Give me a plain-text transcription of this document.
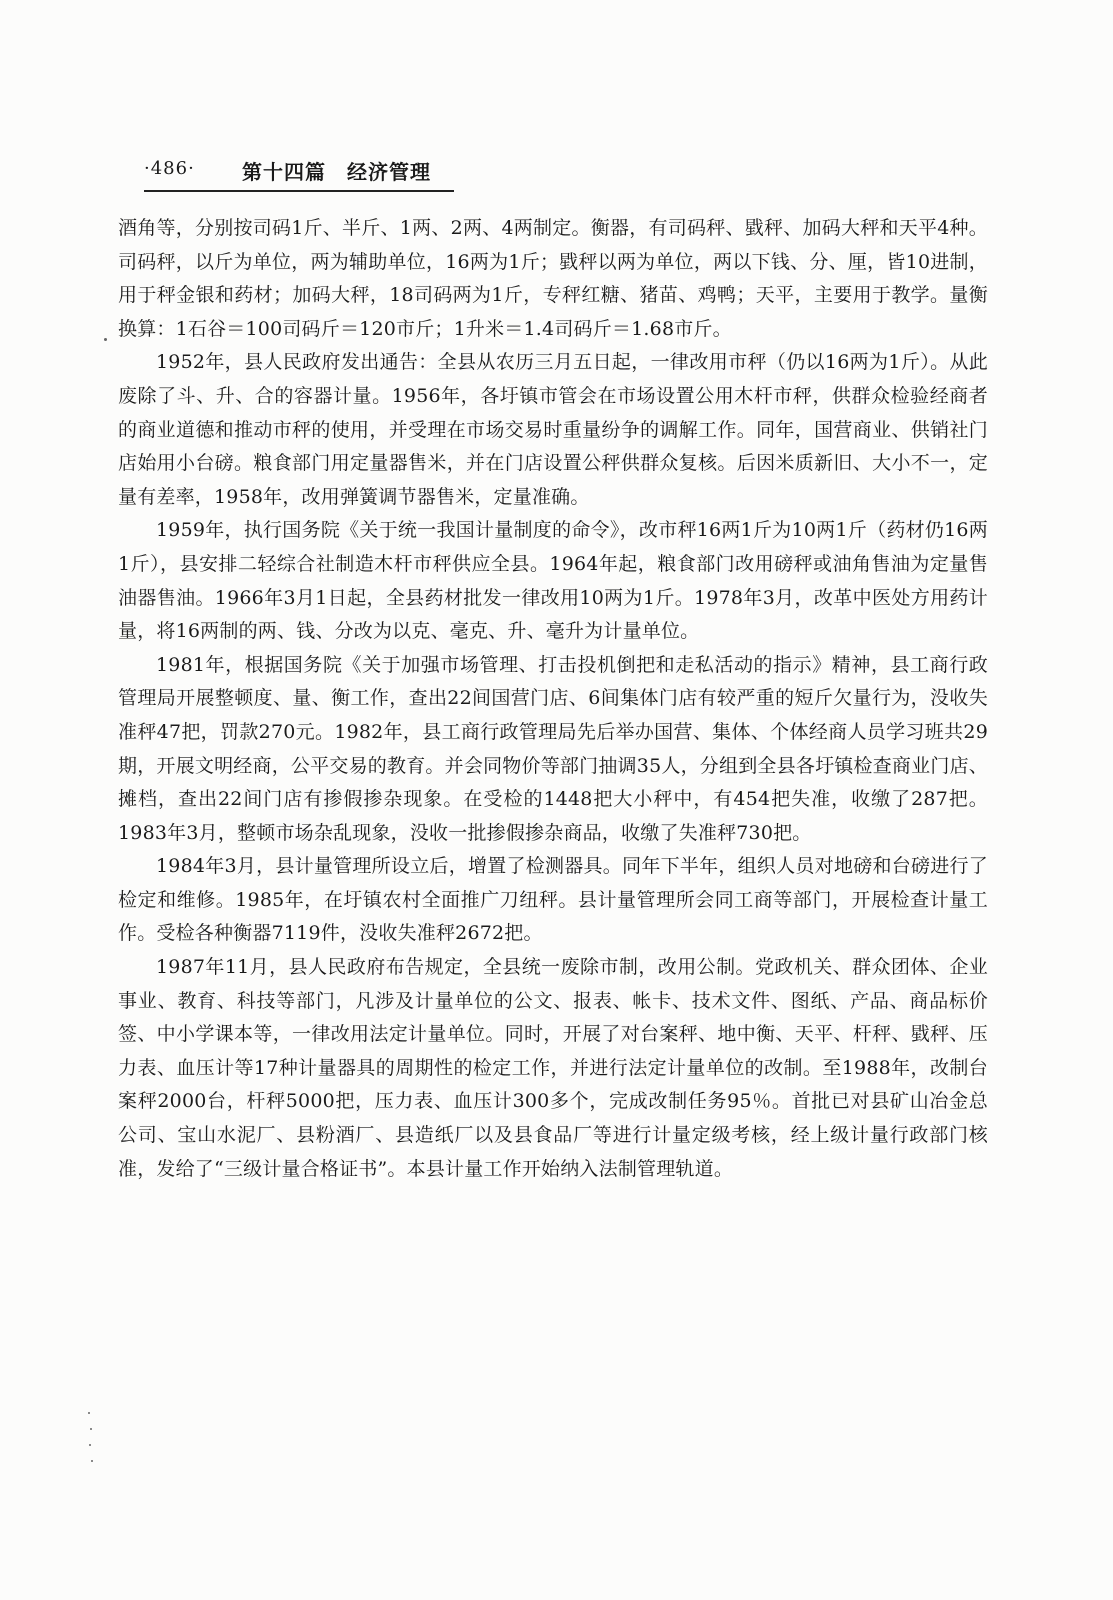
·486· 第十四篇　经济管理

酒角等，分别按司码1斤、半斤、1两、2两、4两制定。衡器，有司码秤、戥秤、加码大秤和天平4种。司码秤，以斤为单位，两为辅助单位，16两为1斤；戥秤以两为单位，两以下钱、分、厘，皆10进制，用于秤金银和药材；加码大秤，18司码两为1斤，专秤红糖、猪苗、鸡鸭；天平，主要用于教学。量衡换算：1石谷＝100司码斤＝120市斤；1升米＝1.4司码斤＝1.68市斤。

1952年，县人民政府发出通告：全县从农历三月五日起，一律改用市秤（仍以16两为1斤）。从此废除了斗、升、合的容器计量。1956年，各圩镇市管会在市场设置公用木杆市秤，供群众检验经商者的商业道德和推动市秤的使用，并受理在市场交易时重量纷争的调解工作。同年，国营商业、供销社门店始用小台磅。粮食部门用定量器售米，并在门店设置公秤供群众复核。后因米质新旧、大小不一，定量有差率，1958年，改用弹簧调节器售米，定量准确。

1959年，执行国务院《关于统一我国计量制度的命令》，改市秤16两1斤为10两1斤（药材仍16两1斤），县安排二轻综合社制造木杆市秤供应全县。1964年起，粮食部门改用磅秤或油角售油为定量售油器售油。1966年3月1日起，全县药材批发一律改用10两为1斤。1978年3月，改革中医处方用药计量，将16两制的两、钱、分改为以克、毫克、升、毫升为计量单位。

1981年，根据国务院《关于加强市场管理、打击投机倒把和走私活动的指示》精神，县工商行政管理局开展整顿度、量、衡工作，查出22间国营门店、6间集体门店有较严重的短斤欠量行为，没收失准秤47把，罚款270元。1982年，县工商行政管理局先后举办国营、集体、个体经商人员学习班共29期，开展文明经商，公平交易的教育。并会同物价等部门抽调35人，分组到全县各圩镇检查商业门店、摊档，查出22间门店有掺假掺杂现象。在受检的1448把大小秤中，有454把失准，收缴了287把。1983年3月，整顿市场杂乱现象，没收一批掺假掺杂商品，收缴了失准秤730把。

1984年3月，县计量管理所设立后，增置了检测器具。同年下半年，组织人员对地磅和台磅进行了检定和维修。1985年，在圩镇农村全面推广刀纽秤。县计量管理所会同工商等部门，开展检查计量工作。受检各种衡器7119件，没收失准秤2672把。

1987年11月，县人民政府布告规定，全县统一废除市制，改用公制。党政机关、群众团体、企业事业、教育、科技等部门，凡涉及计量单位的公文、报表、帐卡、技术文件、图纸、产品、商品标价签、中小学课本等，一律改用法定计量单位。同时，开展了对台案秤、地中衡、天平、杆秤、戥秤、压力表、血压计等17种计量器具的周期性的检定工作，并进行法定计量单位的改制。至1988年，改制台案秤2000台，杆秤5000把，压力表、血压计300多个，完成改制任务95％。首批已对县矿山冶金总公司、宝山水泥厂、县粉酒厂、县造纸厂以及县食品厂等进行计量定级考核，经上级计量行政部门核准，发给了“三级计量合格证书”。本县计量工作开始纳入法制管理轨道。
